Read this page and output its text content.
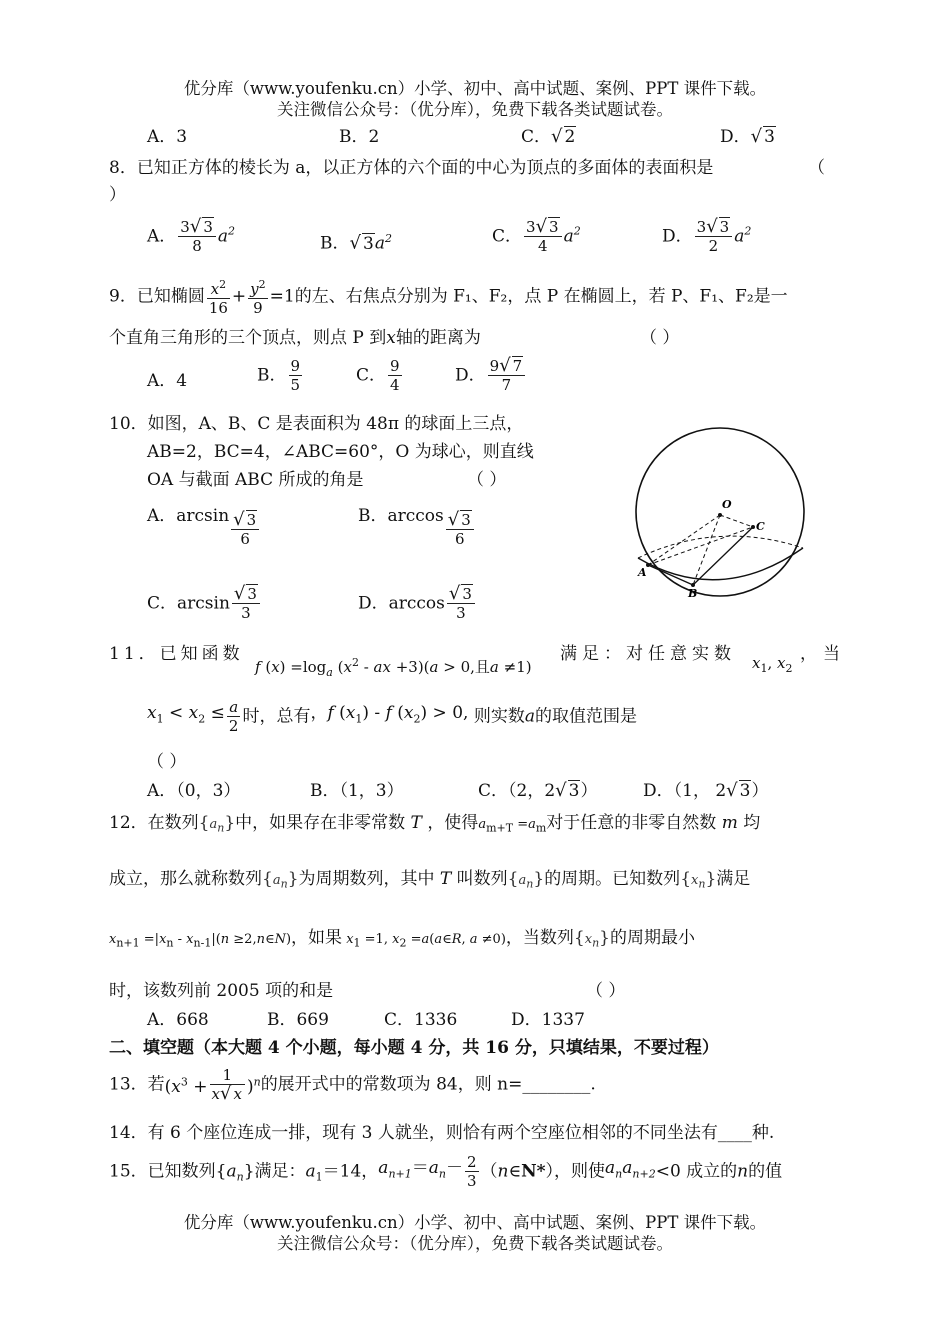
优分库（www.youfenku.cn）小学、初中、高中试题、案例、PPT 课件下载。
关注微信公众号：（优分库），免费下载各类试题试卷。
A．3	B．2	C．√ 2	D．√ 3
8．已知正方体的棱长为 a，以正方体的六个面的中心为顶点的多面体的表面积是	（
）
A． $\frac{3√ 3}{8} a^2$
B．√ $3a^2$	C． $\frac{3√ 3}{4} a^2$	D． $\frac{3√ 3}{2} a^2$
9．已知椭圆 $\frac{x^2}{16} + \frac{y^2}{9} =1$的左、右焦点分别为 F₁、F₂，点 P 在椭圆上，若 P、F₁、F₂是一
个直角三角形的三个顶点，则点 P 到x轴的距离为	（ ）
A．4	B． $\frac{9}{5}$	C． $\frac{9}{4}$	D． $\frac{9√ 7}{7}$
10．如图，A、B、C 是表面积为 48π 的球面上三点，
AB=2，BC=4，∠ABC=60°，O 为球心，则直线
OA 与截面 ABC 所成的角是	（ ）
A．$\arcsin \frac{√ 3}{6}$	B．$\arccos \frac{√ 3}{6}$
C．$\arcsin \frac{√ 3}{3}$	D．$\arccos \frac{√ 3}{3}$
O
A
B
C
11．已知函数
f $(x) =\log_a$ ($x^2$ - ax +3)(a > 0,且a ≠1)
满足：对任意实数 $x_1$, $x_2$
，当
$x_1 < x_2 \le \frac{a}{2}$ 时，总有，f $(x_1)$ - f $(x_2) > 0$, 则实数a的取值范围是
（ ）
A．（0，3）	B．（1，3）	C．（2，2√ 3）	D．（1， 2√ 3）
12．在数列$\{a_n\}$中，如果存在非零常数 T ，使得$a_{m+T} =a_m$对于任意的非零自然数 m 均
成立，那么就称数列$\{a_n\}$为周期数列，其中 T 叫数列$\{a_n\}$的周期。已知数列$\{x_n\}$满足
$x_{n+1} =|x_n - x_{n-1}|(n$ ≥2,n∈N)，如果 $x_1 =1$, $x_2$ =a(a∈R, a ≠0)，当数列$\{x_n\}$的周期最小
时，该数列前 2005 项的和是	（ ）
A．668	B．669	C．1336	D．1337
二、填空题（本大题 4 个小题，每小题 4 分，共 16 分，只填结果，不要过程）
13．若$(x^3 + \frac{1}{x√ x} )^n$的展开式中的常数项为 84，则 n=________.
14．有 6 个座位连成一排，现有 3 人就坐，则恰有两个空座位相邻的不同坐法有____种.
15．已知数列$\{a_n\}$满足：$a_1=14$，$a_{n+1}=a_n- \frac{2}{3}$ （n∈N*），则使$a_na_{n+2}<0$ 成立的n的值
优分库（www.youfenku.cn）小学、初中、高中试题、案例、PPT 课件下载。
关注微信公众号：（优分库），免费下载各类试题试卷。
